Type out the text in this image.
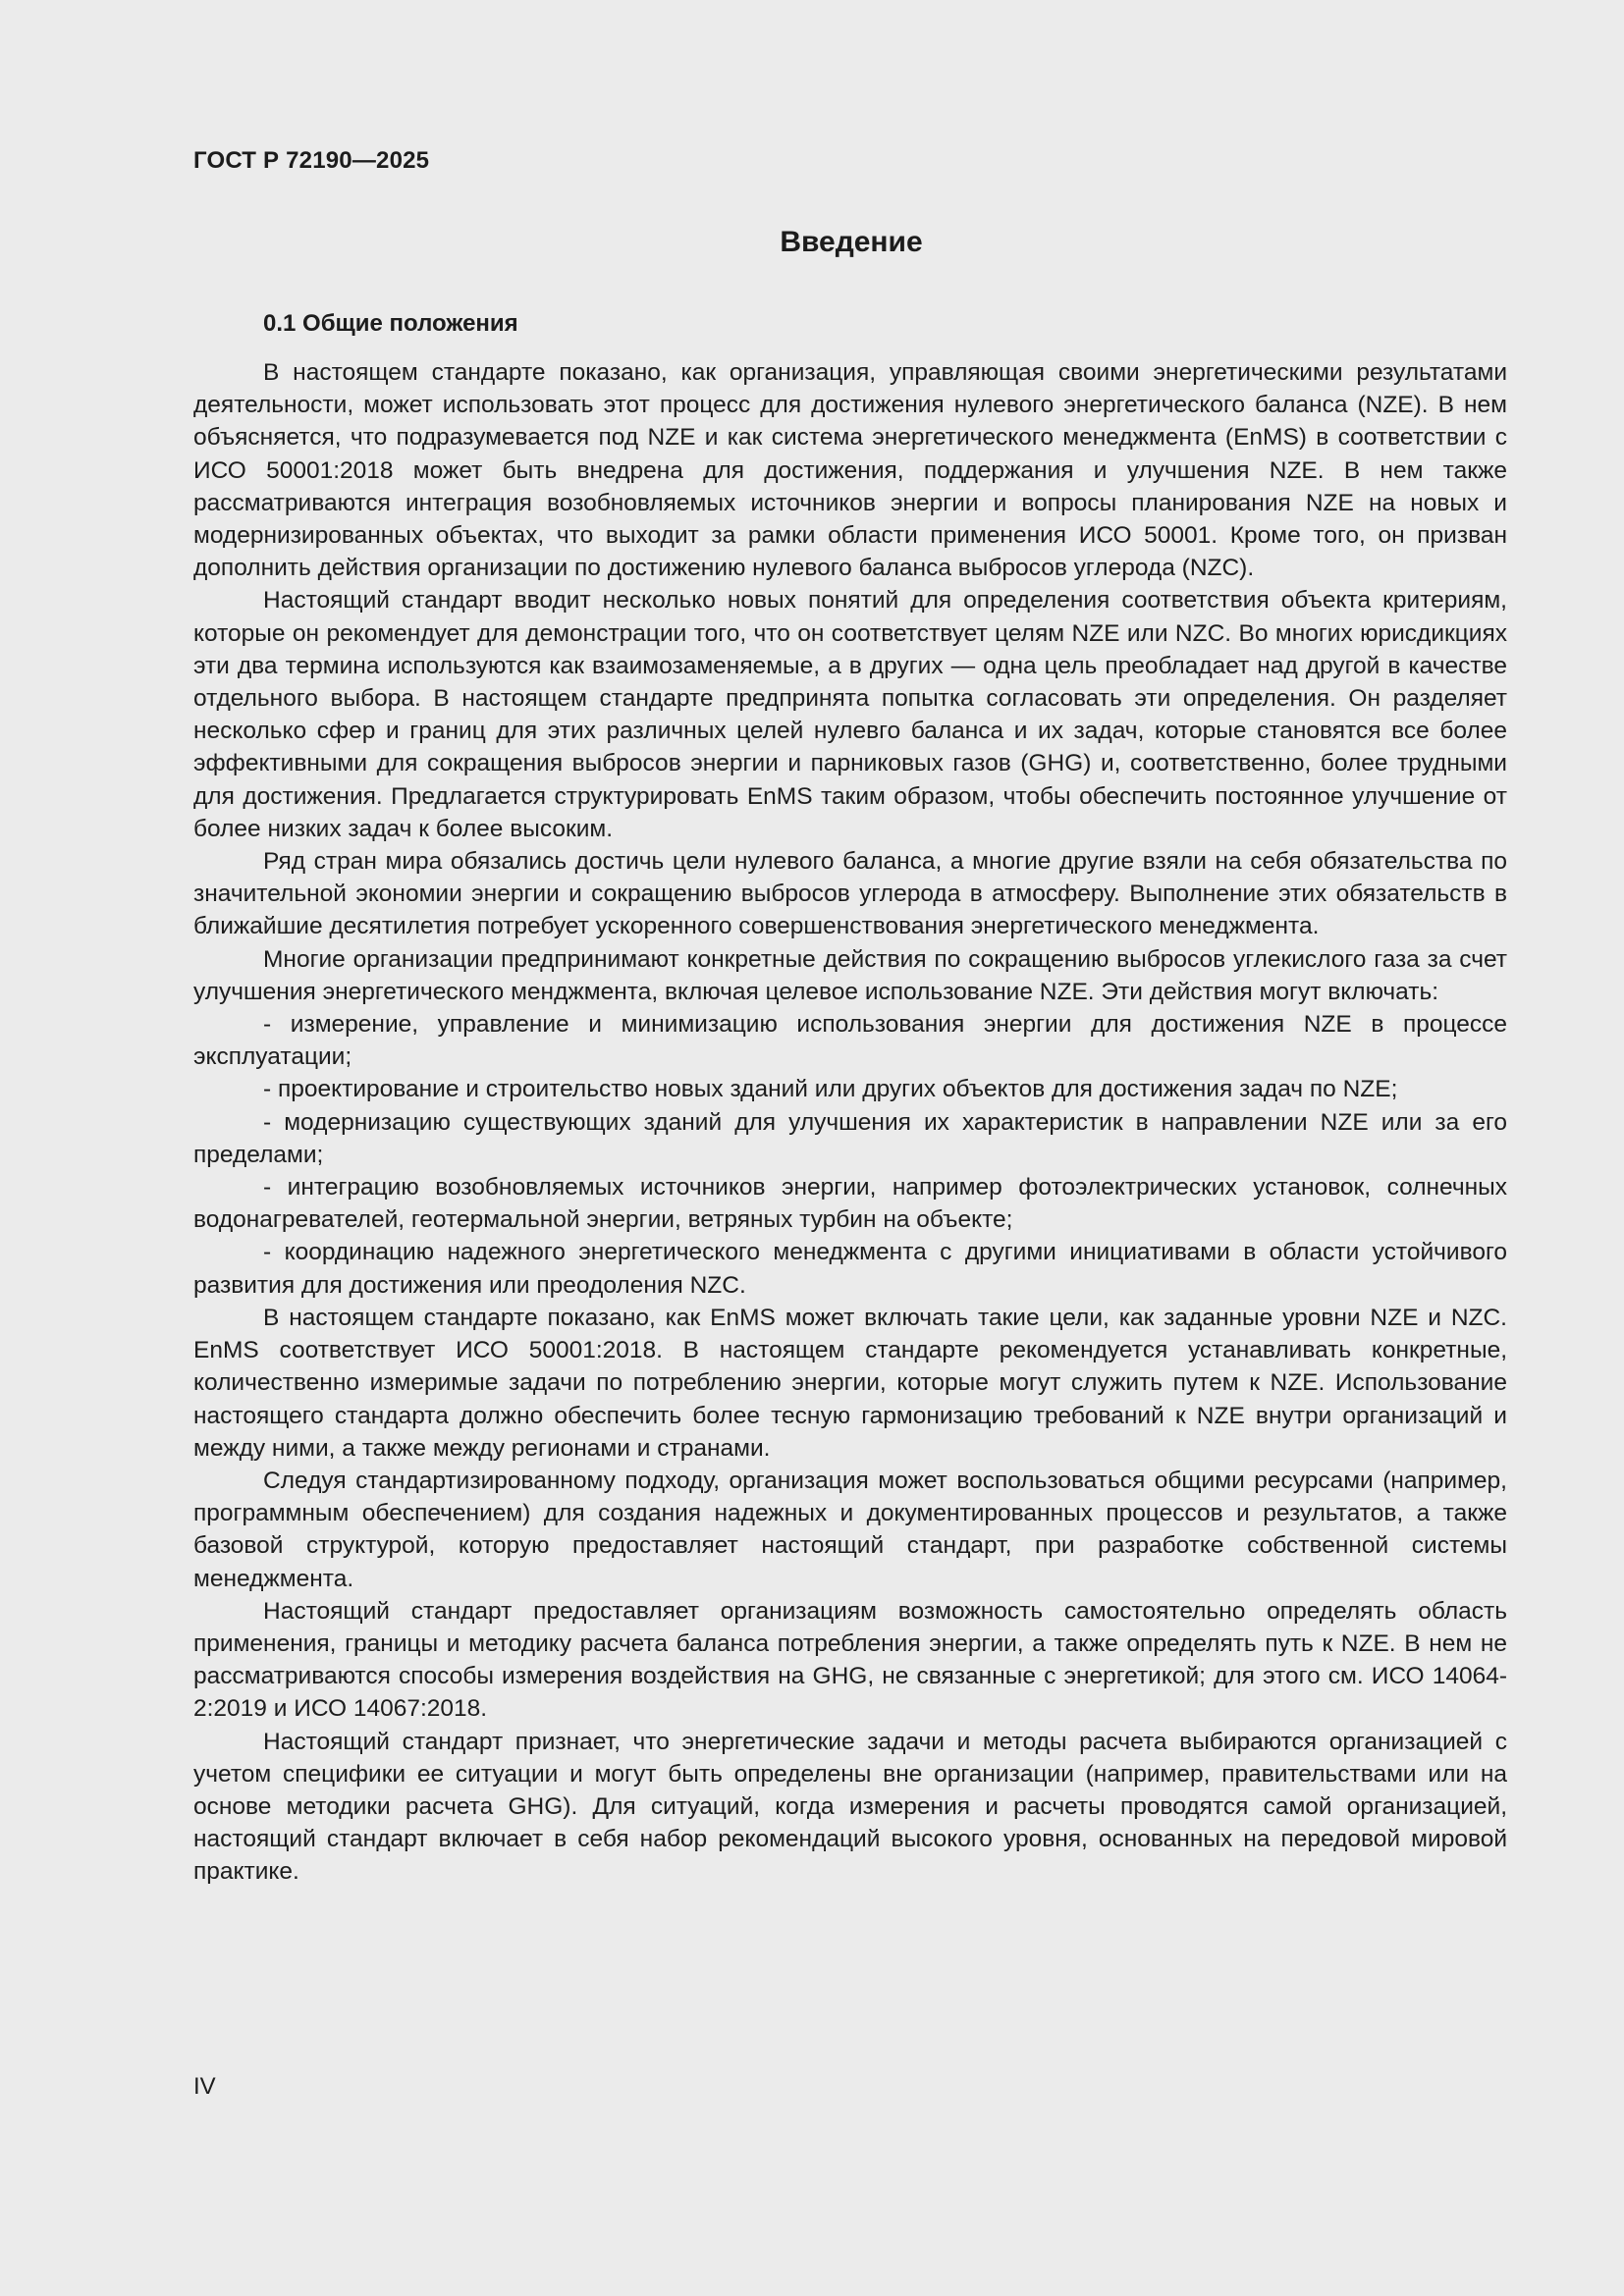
ГОСТ Р 72190—2025
Введение
0.1 Общие положения

В настоящем стандарте показано, как организация, управляющая своими энергетическими результатами деятельности, может использовать этот процесс для достижения нулевого энергетического баланса (NZE). В нем объясняется, что подразумевается под NZE и как система энергетического менеджмента (EnMS) в соответствии с ИСО 50001:2018 может быть внедрена для достижения, поддержания и улучшения NZE. В нем также рассматриваются интеграция возобновляемых источников энергии и вопросы планирования NZE на новых и модернизированных объектах, что выходит за рамки области применения ИСО 50001. Кроме того, он призван дополнить действия организации по достижению нулевого баланса выбросов углерода (NZC).

Настоящий стандарт вводит несколько новых понятий для определения соответствия объекта критериям, которые он рекомендует для демонстрации того, что он соответствует целям NZE или NZC. Во многих юрисдикциях эти два термина используются как взаимозаменяемые, а в других — одна цель преобладает над другой в качестве отдельного выбора. В настоящем стандарте предпринята попытка согласовать эти определения. Он разделяет несколько сфер и границ для этих различных целей нулевго баланса и их задач, которые становятся все более эффективными для сокращения выбросов энергии и парниковых газов (GHG) и, соответственно, более трудными для достижения. Предлагается структурировать EnMS таким образом, чтобы обеспечить постоянное улучшение от более низких задач к более высоким.

Ряд стран мира обязались достичь цели нулевого баланса, а многие другие взяли на себя обязательства по значительной экономии энергии и сокращению выбросов углерода в атмосферу. Выполнение этих обязательств в ближайшие десятилетия потребует ускоренного совершенствования энергетического менеджмента.

Многие организации предпринимают конкретные действия по сокращению выбросов углекислого газа за счет улучшения энергетического менджмента, включая целевое использование NZE. Эти действия могут включать:

- измерение, управление и минимизацию использования энергии для достижения NZE в процессе эксплуатации;

- проектирование и строительство новых зданий или других объектов для достижения задач по NZE;

- модернизацию существующих зданий для улучшения их характеристик в направлении NZE или за его пределами;

- интеграцию возобновляемых источников энергии, например фотоэлектрических установок, солнечных водонагревателей, геотермальной энергии, ветряных турбин на объекте;

- координацию надежного энергетического менеджмента с другими инициативами в области устойчивого развития для достижения или преодоления NZC.

В настоящем стандарте показано, как EnMS может включать такие цели, как заданные уровни NZE и NZC. EnMS соответствует ИСО 50001:2018. В настоящем стандарте рекомендуется устанавливать конкретные, количественно измеримые задачи по потреблению энергии, которые могут служить путем к NZE. Использование настоящего стандарта должно обеспечить более тесную гармонизацию требований к NZE внутри организаций и между ними, а также между регионами и странами.

Следуя стандартизированному подходу, организация может воспользоваться общими ресурсами (например, программным обеспечением) для создания надежных и документированных процессов и результатов, а также базовой структурой, которую предоставляет настоящий стандарт, при разработке собственной системы менеджмента.

Настоящий стандарт предоставляет организациям возможность самостоятельно определять область применения, границы и методику расчета баланса потребления энергии, а также определять путь к NZE. В нем не рассматриваются способы измерения воздействия на GHG, не связанные с энергетикой; для этого см. ИСО 14064-2:2019 и ИСО 14067:2018.

Настоящий стандарт признает, что энергетические задачи и методы расчета выбираются организацией с учетом специфики ее ситуации и могут быть определены вне организации (например, правительствами или на основе методики расчета GHG). Для ситуаций, когда измерения и расчеты проводятся самой организацией, настоящий стандарт включает в себя набор рекомендаций высокого уровня, основанных на передовой мировой практике.

IV
